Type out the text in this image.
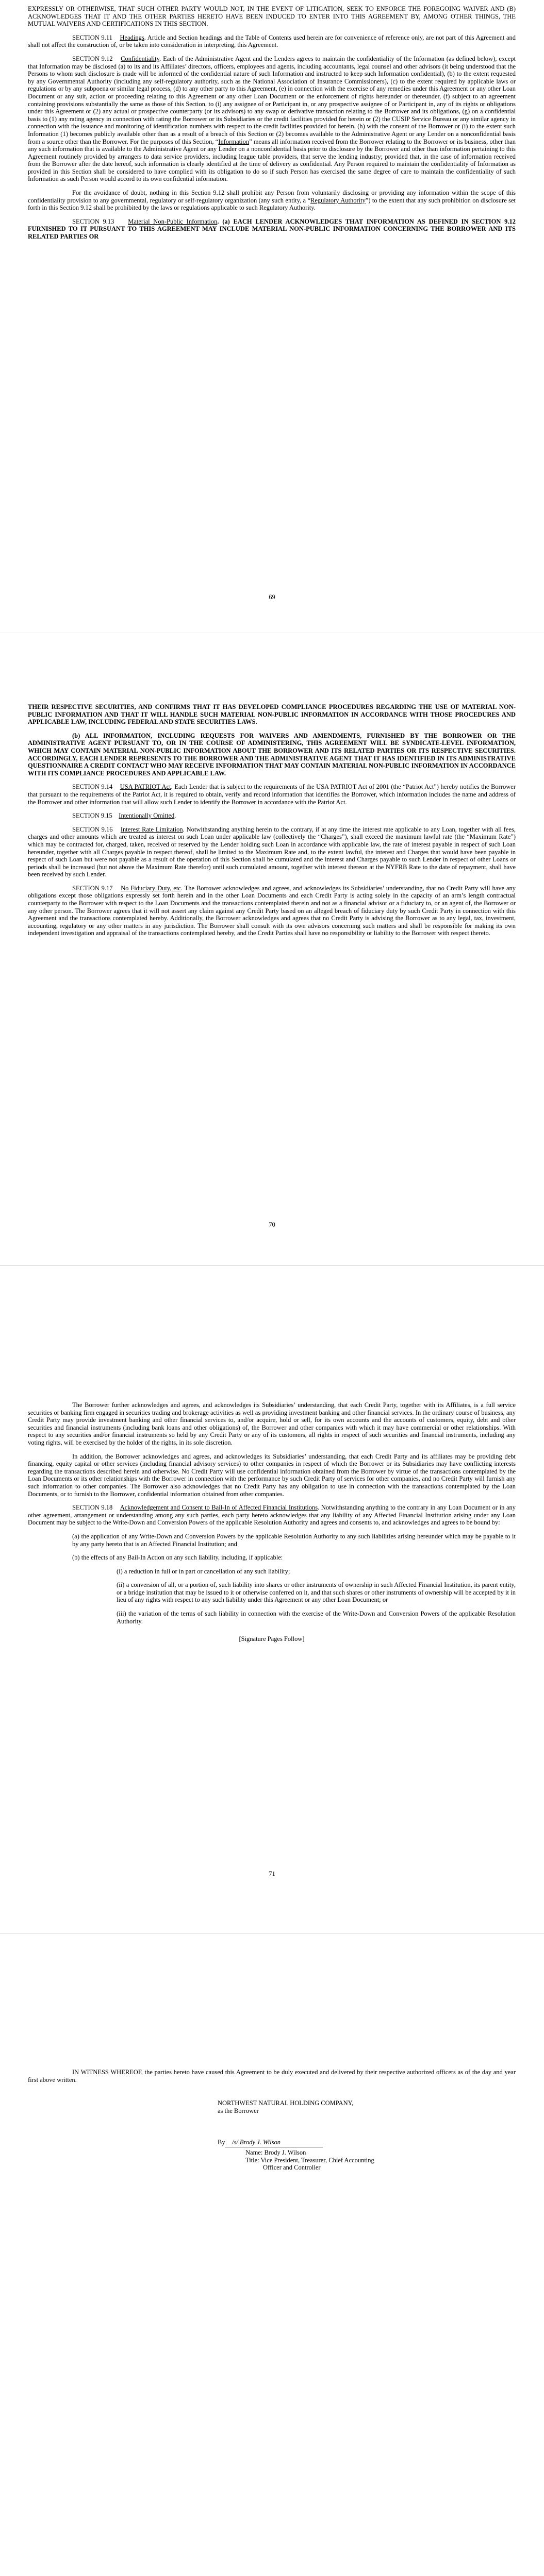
EXPRESSLY OR OTHERWISE, THAT SUCH OTHER PARTY WOULD NOT, IN THE EVENT OF LITIGATION, SEEK TO ENFORCE THE FOREGOING WAIVER AND (B) ACKNOWLEDGES THAT IT AND THE OTHER PARTIES HERETO HAVE BEEN INDUCED TO ENTER INTO THIS AGREEMENT BY, AMONG OTHER THINGS, THE MUTUAL WAIVERS AND CERTIFICATIONS IN THIS SECTION.

SECTION 9.11 Headings. Article and Section headings and the Table of Contents used herein are for convenience of reference only, are not part of this Agreement and shall not affect the construction of, or be taken into consideration in interpreting, this Agreement.

SECTION 9.12 Confidentiality. Each of the Administrative Agent and the Lenders agrees to maintain the confidentiality of the Information (as defined below), except that Information may be disclosed (a) to its and its Affiliates’ directors, officers, employees and agents, including accountants, legal counsel and other advisors (it being understood that the Persons to whom such disclosure is made will be informed of the confidential nature of such Information and instructed to keep such Information confidential), (b) to the extent requested by any Governmental Authority (including any self-regulatory authority, such as the National Association of Insurance Commissioners), (c) to the extent required by applicable laws or regulations or by any subpoena or similar legal process, (d) to any other party to this Agreement, (e) in connection with the exercise of any remedies under this Agreement or any other Loan Document or any suit, action or proceeding relating to this Agreement or any other Loan Document or the enforcement of rights hereunder or thereunder, (f) subject to an agreement containing provisions substantially the same as those of this Section, to (i) any assignee of or Participant in, or any prospective assignee of or Participant in, any of its rights or obligations under this Agreement or (2) any actual or prospective counterparty (or its advisors) to any swap or derivative transaction relating to the Borrower and its obligations, (g) on a confidential basis to (1) any rating agency in connection with rating the Borrower or its Subsidiaries or the credit facilities provided for herein or (2) the CUSIP Service Bureau or any similar agency in connection with the issuance and monitoring of identification numbers with respect to the credit facilities provided for herein, (h) with the consent of the Borrower or (i) to the extent such Information (1) becomes publicly available other than as a result of a breach of this Section or (2) becomes available to the Administrative Agent or any Lender on a nonconfidential basis from a source other than the Borrower. For the purposes of this Section, “Information” means all information received from the Borrower relating to the Borrower or its business, other than any such information that is available to the Administrative Agent or any Lender on a nonconfidential basis prior to disclosure by the Borrower and other than information pertaining to this Agreement routinely provided by arrangers to data service providers, including league table providers, that serve the lending industry; provided that, in the case of information received from the Borrower after the date hereof, such information is clearly identified at the time of delivery as confidential. Any Person required to maintain the confidentiality of Information as provided in this Section shall be considered to have complied with its obligation to do so if such Person has exercised the same degree of care to maintain the confidentiality of such Information as such Person would accord to its own confidential information.

For the avoidance of doubt, nothing in this Section 9.12 shall prohibit any Person from voluntarily disclosing or providing any information within the scope of this confidentiality provision to any governmental, regulatory or self-regulatory organization (any such entity, a “Regulatory Authority”) to the extent that any such prohibition on disclosure set forth in this Section 9.12 shall be prohibited by the laws or regulations applicable to such Regulatory Authority.

SECTION 9.13 Material Non-Public Information. (a) EACH LENDER ACKNOWLEDGES THAT INFORMATION AS DEFINED IN SECTION 9.12 FURNISHED TO IT PURSUANT TO THIS AGREEMENT MAY INCLUDE MATERIAL NON-PUBLIC INFORMATION CONCERNING THE BORROWER AND ITS RELATED PARTIES OR

69

THEIR RESPECTIVE SECURITIES, AND CONFIRMS THAT IT HAS DEVELOPED COMPLIANCE PROCEDURES REGARDING THE USE OF MATERIAL NON-PUBLIC INFORMATION AND THAT IT WILL HANDLE SUCH MATERIAL NON-PUBLIC INFORMATION IN ACCORDANCE WITH THOSE PROCEDURES AND APPLICABLE LAW, INCLUDING FEDERAL AND STATE SECURITIES LAWS.

(b) ALL INFORMATION, INCLUDING REQUESTS FOR WAIVERS AND AMENDMENTS, FURNISHED BY THE BORROWER OR THE ADMINISTRATIVE AGENT PURSUANT TO, OR IN THE COURSE OF ADMINISTERING, THIS AGREEMENT WILL BE SYNDICATE-LEVEL INFORMATION, WHICH MAY CONTAIN MATERIAL NON-PUBLIC INFORMATION ABOUT THE BORROWER AND ITS RELATED PARTIES OR ITS RESPECTIVE SECURITIES. ACCORDINGLY, EACH LENDER REPRESENTS TO THE BORROWER AND THE ADMINISTRATIVE AGENT THAT IT HAS IDENTIFIED IN ITS ADMINISTRATIVE QUESTIONNAIRE A CREDIT CONTACT WHO MAY RECEIVE INFORMATION THAT MAY CONTAIN MATERIAL NON-PUBLIC INFORMATION IN ACCORDANCE WITH ITS COMPLIANCE PROCEDURES AND APPLICABLE LAW.

SECTION 9.14 USA PATRIOT Act. Each Lender that is subject to the requirements of the USA PATRIOT Act of 2001 (the “Patriot Act”) hereby notifies the Borrower that pursuant to the requirements of the Patriot Act, it is required to obtain, verify and record information that identifies the Borrower, which information includes the name and address of the Borrower and other information that will allow such Lender to identify the Borrower in accordance with the Patriot Act.

SECTION 9.15 Intentionally Omitted.

SECTION 9.16 Interest Rate Limitation. Notwithstanding anything herein to the contrary, if at any time the interest rate applicable to any Loan, together with all fees, charges and other amounts which are treated as interest on such Loan under applicable law (collectively the “Charges”), shall exceed the maximum lawful rate (the “Maximum Rate”) which may be contracted for, charged, taken, received or reserved by the Lender holding such Loan in accordance with applicable law, the rate of interest payable in respect of such Loan hereunder, together with all Charges payable in respect thereof, shall be limited to the Maximum Rate and, to the extent lawful, the interest and Charges that would have been payable in respect of such Loan but were not payable as a result of the operation of this Section shall be cumulated and the interest and Charges payable to such Lender in respect of other Loans or periods shall be increased (but not above the Maximum Rate therefor) until such cumulated amount, together with interest thereon at the NYFRB Rate to the date of repayment, shall have been received by such Lender.

SECTION 9.17 No Fiduciary Duty, etc. The Borrower acknowledges and agrees, and acknowledges its Subsidiaries’ understanding, that no Credit Party will have any obligations except those obligations expressly set forth herein and in the other Loan Documents and each Credit Party is acting solely in the capacity of an arm’s length contractual counterparty to the Borrower with respect to the Loan Documents and the transactions contemplated therein and not as a financial advisor or a fiduciary to, or an agent of, the Borrower or any other person. The Borrower agrees that it will not assert any claim against any Credit Party based on an alleged breach of fiduciary duty by such Credit Party in connection with this Agreement and the transactions contemplated hereby. Additionally, the Borrower acknowledges and agrees that no Credit Party is advising the Borrower as to any legal, tax, investment, accounting, regulatory or any other matters in any jurisdiction. The Borrower shall consult with its own advisors concerning such matters and shall be responsible for making its own independent investigation and appraisal of the transactions contemplated hereby, and the Credit Parties shall have no responsibility or liability to the Borrower with respect thereto.

70

The Borrower further acknowledges and agrees, and acknowledges its Subsidiaries’ understanding, that each Credit Party, together with its Affiliates, is a full service securities or banking firm engaged in securities trading and brokerage activities as well as providing investment banking and other financial services. In the ordinary course of business, any Credit Party may provide investment banking and other financial services to, and/or acquire, hold or sell, for its own accounts and the accounts of customers, equity, debt and other securities and financial instruments (including bank loans and other obligations) of, the Borrower and other companies with which it may have commercial or other relationships. With respect to any securities and/or financial instruments so held by any Credit Party or any of its customers, all rights in respect of such securities and financial instruments, including any voting rights, will be exercised by the holder of the rights, in its sole discretion.

In addition, the Borrower acknowledges and agrees, and acknowledges its Subsidiaries’ understanding, that each Credit Party and its affiliates may be providing debt financing, equity capital or other services (including financial advisory services) to other companies in respect of which the Borrower or its Subsidiaries may have conflicting interests regarding the transactions described herein and otherwise. No Credit Party will use confidential information obtained from the Borrower by virtue of the transactions contemplated by the Loan Documents or its other relationships with the Borrower in connection with the performance by such Credit Party of services for other companies, and no Credit Party will furnish any such information to other companies. The Borrower also acknowledges that no Credit Party has any obligation to use in connection with the transactions contemplated by the Loan Documents, or to furnish to the Borrower, confidential information obtained from other companies.

SECTION 9.18 Acknowledgement and Consent to Bail-In of Affected Financial Institutions. Notwithstanding anything to the contrary in any Loan Document or in any other agreement, arrangement or understanding among any such parties, each party hereto acknowledges that any liability of any Affected Financial Institution arising under any Loan Document may be subject to the Write-Down and Conversion Powers of the applicable Resolution Authority and agrees and consents to, and acknowledges and agrees to be bound by:

(a) the application of any Write-Down and Conversion Powers by the applicable Resolution Authority to any such liabilities arising hereunder which may be payable to it by any party hereto that is an Affected Financial Institution; and

(b) the effects of any Bail-In Action on any such liability, including, if applicable:

(i) a reduction in full or in part or cancellation of any such liability;

(ii) a conversion of all, or a portion of, such liability into shares or other instruments of ownership in such Affected Financial Institution, its parent entity, or a bridge institution that may be issued to it or otherwise conferred on it, and that such shares or other instruments of ownership will be accepted by it in lieu of any rights with respect to any such liability under this Agreement or any other Loan Document; or

(iii) the variation of the terms of such liability in connection with the exercise of the Write-Down and Conversion Powers of the applicable Resolution Authority.

[Signature Pages Follow]

71
NORTHWEST NATURAL HOLDING COMPANY,
as the Borrower

IN WITNESS WHEREOF, the parties hereto have caused this Agreement to be duly executed and delivered by their respective authorized officers as of the day and year first above written.

By /s/ Brody J. Wilson
Name: Brody J. Wilson
Title: Vice President, Treasurer, Chief Accounting
Officer and Controller
